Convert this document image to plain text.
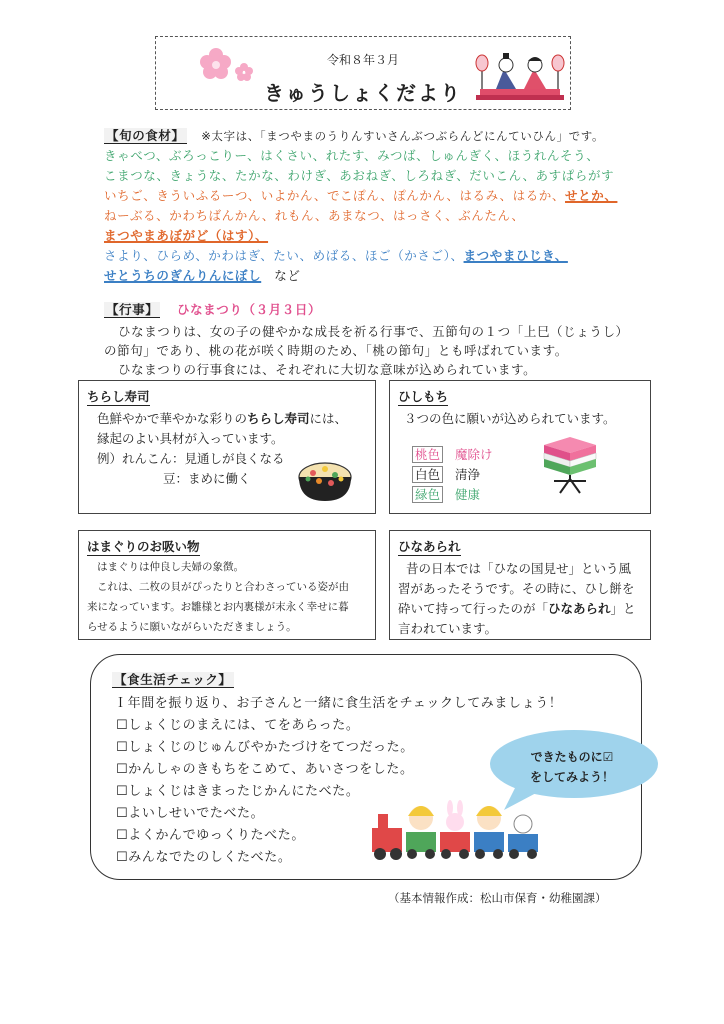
令和８年３月
きゅうしょくだより
【旬の食材】 ※太字は、「まつやまのうりんすいさんぶつぶらんどにんていひん」です。
きゃべつ、ぶろっこりー、はくさい、れたす、みつば、しゅんぎく、ほうれんそう、
こまつな、きょうな、たかな、わけぎ、あおねぎ、しろねぎ、だいこん、あすぱらがす
いちご、きういふるーつ、いよかん、でこぽん、ぽんかん、はるみ、はるか、せとか、
ねーぶる、かわちばんかん、れもん、あまなつ、はっさく、ぶんたん、
まつやまあぼがど（はす）、
さより、ひらめ、かわはぎ、たい、めばる、ほご（かさご）、まつやまひじき、
せとうちのぎんりんにぼし　など
【行事】 ひなまつり（３月３日）
ひなまつりは、女の子の健やかな成長を祈る行事で、五節句の１つ「上巳（じょうし）
の節句」であり、桃の花が咲く時期のため、「桃の節句」とも呼ばれています。
ひなまつりの行事食には、それぞれに大切な意味が込められています。
ちらし寿司
色鮮やかで華やかな彩りのちらし寿司には、
縁起のよい具材が入っています。
例）れんこん：見通しが良くなる
豆：まめに働く
ひしもち
３つの色に願いが込められています。
桃色 魔除け
白色 清浄
緑色 健康
はまぐりのお吸い物
はまぐりは仲良し夫婦の象徴。
これは、二枚の貝がぴったりと合わさっている姿が由
来になっています。お雛様とお内裏様が末永く幸せに暮
らせるように願いながらいただきましょう。
ひなあられ
昔の日本では「ひなの国見せ」という風
習があったそうです。その時に、ひし餅を
砕いて持って行ったのが「ひなあられ」と
言われています。
【食生活チェック】
Ｉ年間を振り返り、お子さんと一緒に食生活をチェックしてみましょう！
☐しょくじのまえには、てをあらった。
☐しょくじのじゅんびやかたづけをてつだった。
☐かんしゃのきもちをこめて、あいさつをした。
☐しょくじはきまったじかんにたべた。
☐よいしせいでたべた。
☐よくかんでゆっくりたべた。
☐みんなでたのしくたべた。
できたものに☑
をしてみよう！
（基本情報作成：松山市保育・幼稚園課）
